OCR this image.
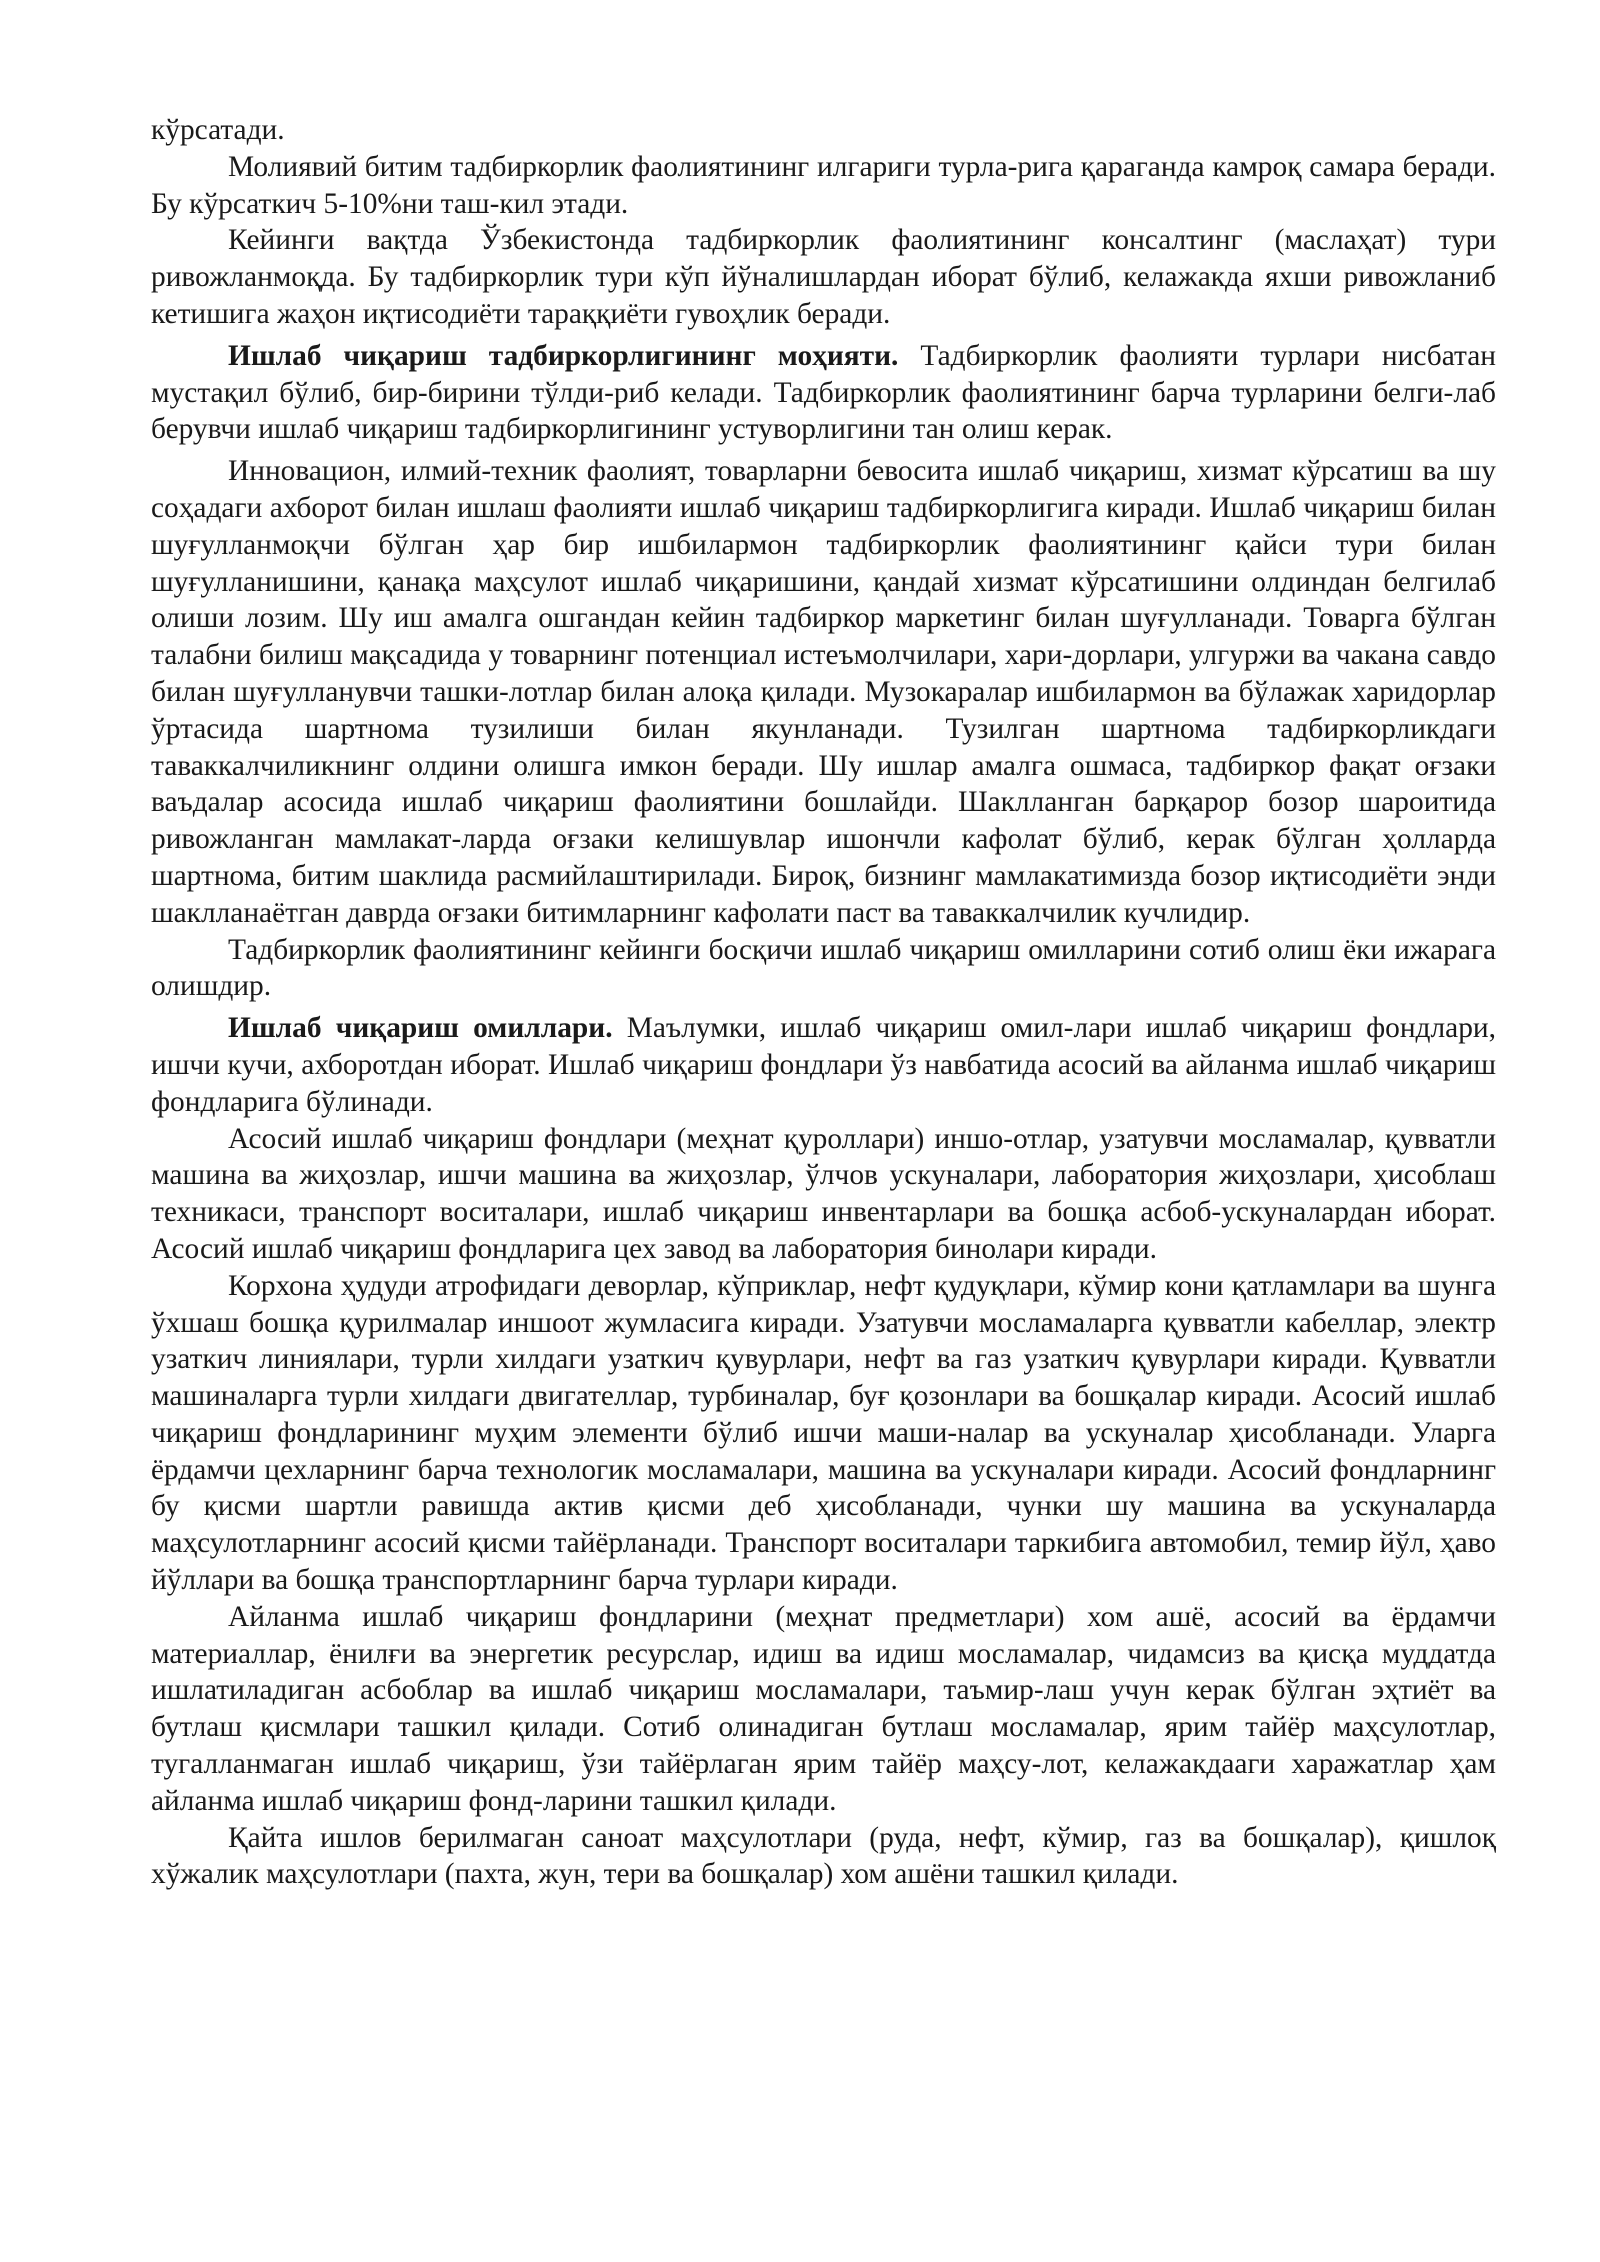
кўрсатади.

Молиявий битим тадбиркорлик фаолиятининг илгариги турла-рига қараганда камроқ самара беради. Бу кўрсаткич 5-10%ни таш-кил этади.

Кейинги вақтда Ўзбекистонда тадбиркорлик фаолиятининг консалтинг (маслаҳат) тури ривожланмоқда. Бу тадбиркорлик тури кўп йўналишлардан иборат бўлиб, келажакда яхши ривожланиб кетишига жаҳон иқтисодиёти тараққиёти гувоҳлик беради.

Ишлаб чиқариш тадбиркорлигининг моҳияти. Тадбиркорлик фаолияти турлари нисбатан мустақил бўлиб, бир-бирини тўлди-риб келади. Тадбиркорлик фаолиятининг барча турларини белги-лаб берувчи ишлаб чиқариш тадбиркорлигининг устуворлигини тан олиш керак.

Инновацион, илмий-техник фаолият, товарларни бевосита ишлаб чиқариш, хизмат кўрсатиш ва шу соҳадаги ахборот билан ишлаш фаолияти ишлаб чиқариш тадбиркорлигига киради. Ишлаб чиқариш билан шуғулланмоқчи бўлган ҳар бир ишбилармон тадбиркорлик фаолиятининг қайси тури билан шуғулланишини, қанақа маҳсулот ишлаб чиқаришини, қандай хизмат кўрсатишини олдиндан белгилаб олиши лозим. Шу иш амалга ошгандан кейин тадбиркор маркетинг билан шуғулланади. Товарга бўлган талабни билиш мақсадида у товарнинг потенциал истеъмолчилари, хари-дорлари, улгуржи ва чакана савдо билан шуғулланувчи ташки-лотлар билан алоқа қилади. Музокаралар ишбилармон ва бўлажак харидорлар ўртасида шартнома тузилиши билан якунланади. Тузилган шартнома тадбиркорликдаги таваккалчиликнинг олдини олишга имкон беради. Шу ишлар амалга ошмаса, тадбиркор фақат оғзаки ваъдалар асосида ишлаб чиқариш фаолиятини бошлайди. Шаклланган барқарор бозор шароитида ривожланган мамлакат-ларда оғзаки келишувлар ишончли кафолат бўлиб, керак бўлган ҳолларда шартнома, битим шаклида расмийлаштирилади. Бироқ, бизнинг мамлакатимизда бозор иқтисодиёти энди шаклланаётган даврда оғзаки битимларнинг кафолати паст ва таваккалчилик кучлидир.

Тадбиркорлик фаолиятининг кейинги босқичи ишлаб чиқариш омилларини сотиб олиш ёки ижарага олишдир.

Ишлаб чиқариш омиллари. Маълумки, ишлаб чиқариш омил-лари ишлаб чиқариш фондлари, ишчи кучи, ахборотдан иборат. Ишлаб чиқариш фондлари ўз навбатида асосий ва айланма ишлаб чиқариш фондларига бўлинади.

Асосий ишлаб чиқариш фондлари (меҳнат қуроллари) иншо-отлар, узатувчи мосламалар, қувватли машина ва жиҳозлар, ишчи машина ва жиҳозлар, ўлчов ускуналари, лаборатория жиҳозлари, ҳисоблаш техникаси, транспорт воситалари, ишлаб чиқариш инвентарлари ва бошқа асбоб-ускуналардан иборат. Асосий ишлаб чиқариш фондларига цех завод ва лаборатория бинолари киради.

Корхона ҳудуди атрофидаги деворлар, кўприклар, нефт қудуқлари, кўмир кони қатламлари ва шунга ўхшаш бошқа қурилмалар иншоот жумласига киради. Узатувчи мосламаларга қувватли кабеллар, электр узаткич линиялари, турли хилдаги узаткич қувурлари, нефт ва газ узаткич қувурлари киради. Қувватли машиналарга турли хилдаги двигателлар, турбиналар, буғ қозонлари ва бошқалар киради. Асосий ишлаб чиқариш фондларининг муҳим элементи бўлиб ишчи маши-налар ва ускуналар ҳисобланади. Уларга ёрдамчи цехларнинг барча технологик мосламалари, машина ва ускуналари киради. Асосий фондларнинг бу қисми шартли равишда актив қисми деб ҳисобланади, чунки шу машина ва ускуналарда маҳсулотларнинг асосий қисми тайёрланади. Транспорт воситалари таркибига автомобил, темир йўл, ҳаво йўллари ва бошқа транспортларнинг барча турлари киради.

Айланма ишлаб чиқариш фондларини (меҳнат предметлари) хом ашё, асосий ва ёрдамчи материаллар, ёнилғи ва энергетик ресурслар, идиш ва идиш мосламалар, чидамсиз ва қисқа муддатда ишлатиладиган асбоблар ва ишлаб чиқариш мосламалари, таъмир-лаш учун керак бўлган эҳтиёт ва бутлаш қисмлари ташкил қилади. Сотиб олинадиган бутлаш мосламалар, ярим тайёр маҳсулотлар, тугалланмаган ишлаб чиқариш, ўзи тайёрлаган ярим тайёр маҳсу-лот, келажакдааги харажатлар ҳам айланма ишлаб чиқариш фонд-ларини ташкил қилади.

Қайта ишлов берилмаган саноат маҳсулотлари (руда, нефт, кўмир, газ ва бошқалар), қишлоқ хўжалик маҳсулотлари (пахта, жун, тери ва бошқалар) хом ашёни ташкил қилади.
